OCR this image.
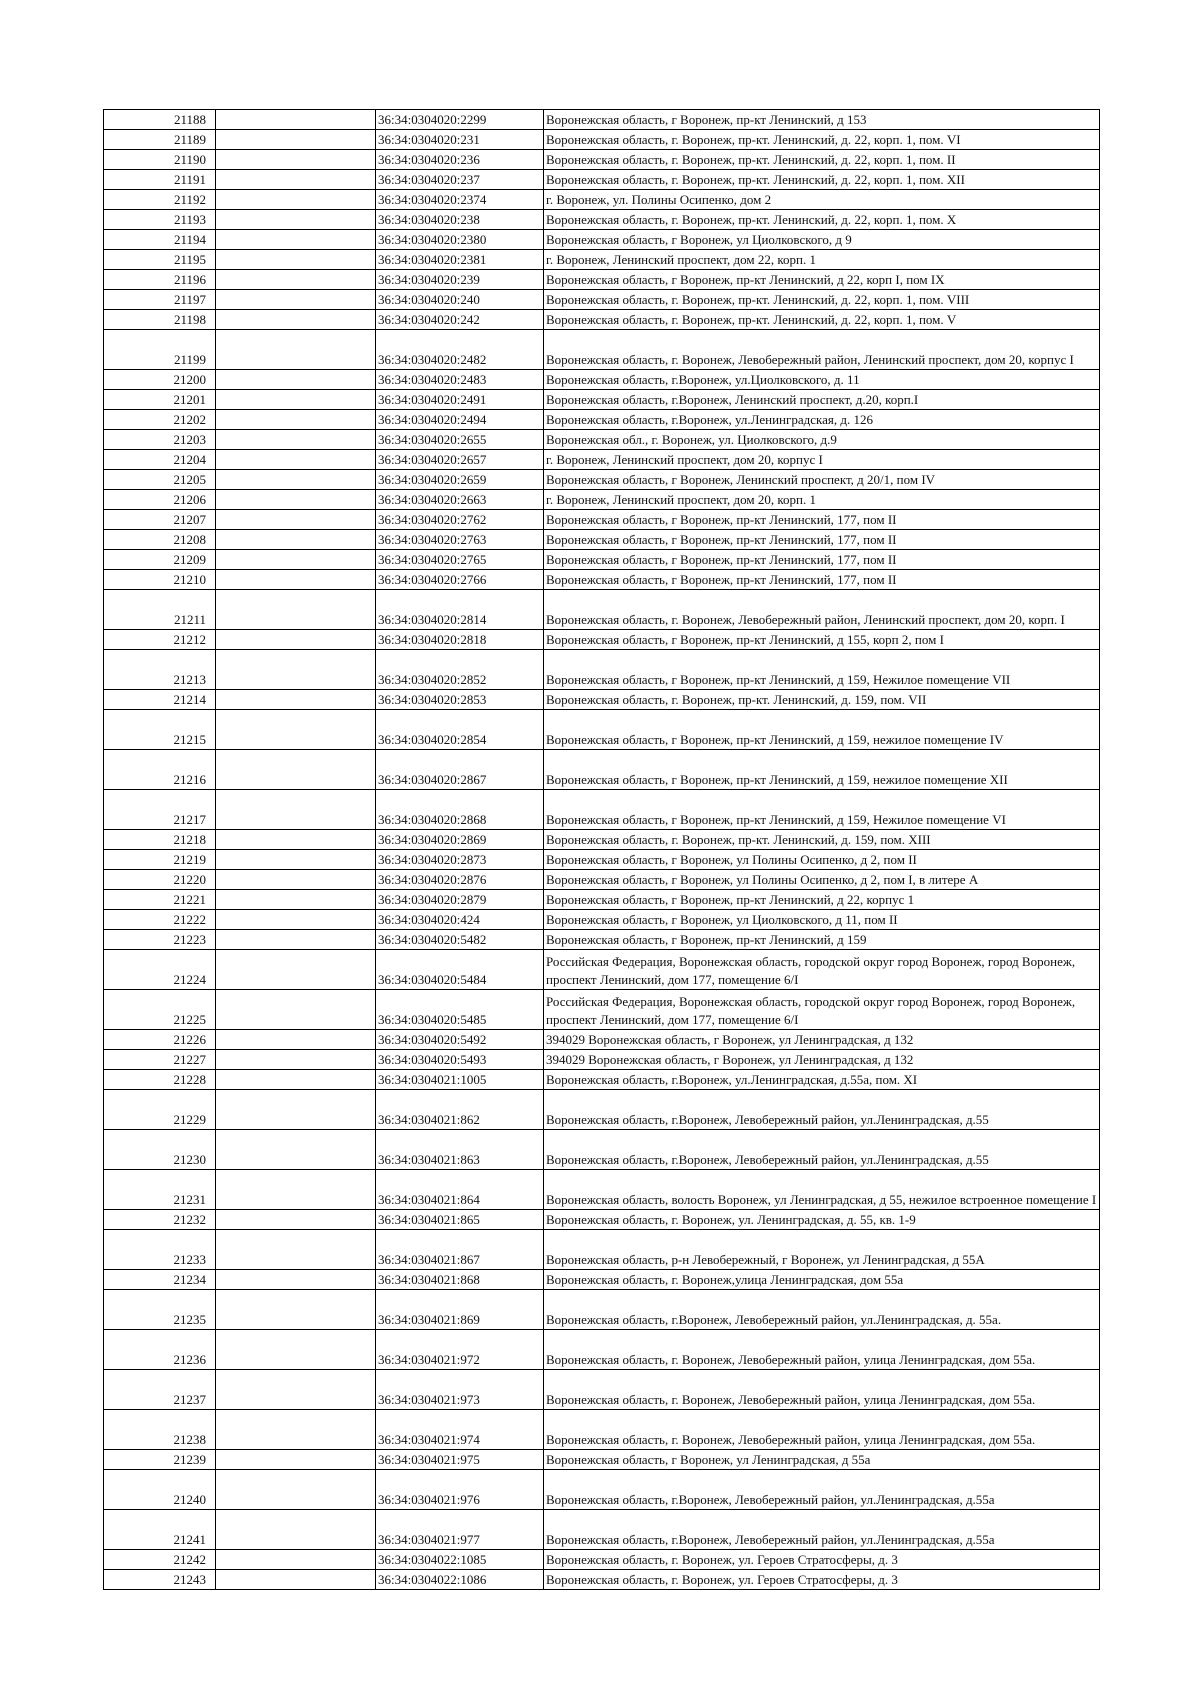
21188		36:34:0304020:2299	Воронежская область, г Воронеж, пр-кт Ленинский, д 153
21189		36:34:0304020:231	Воронежская область, г. Воронеж, пр-кт. Ленинский, д. 22, корп. 1, пом. VI
21190		36:34:0304020:236	Воронежская область, г. Воронеж, пр-кт. Ленинский, д. 22, корп. 1, пом. II
21191		36:34:0304020:237	Воронежская область, г. Воронеж, пр-кт. Ленинский, д. 22, корп. 1, пом. XII
21192		36:34:0304020:2374	г. Воронеж, ул. Полины Осипенко, дом 2
21193		36:34:0304020:238	Воронежская область, г. Воронеж, пр-кт. Ленинский, д. 22, корп. 1, пом. X
21194		36:34:0304020:2380	Воронежская область, г Воронеж, ул Циолковского, д 9
21195		36:34:0304020:2381	г. Воронеж, Ленинский проспект, дом 22, корп. 1
21196		36:34:0304020:239	Воронежская область, г Воронеж, пр-кт Ленинский, д 22, корп I, пом IX
21197		36:34:0304020:240	Воронежская область, г. Воронеж, пр-кт. Ленинский, д. 22, корп. 1, пом. VIII
21198		36:34:0304020:242	Воронежская область, г. Воронеж, пр-кт. Ленинский, д. 22, корп. 1, пом. V
21199		36:34:0304020:2482	Воронежская область, г. Воронеж, Левобережный район, Ленинский проспект, дом 20, корпус I
21200		36:34:0304020:2483	Воронежская область, г.Воронеж, ул.Циолковского, д. 11
21201		36:34:0304020:2491	Воронежская область, г.Воронеж, Ленинский проспект, д.20, корп.I
21202		36:34:0304020:2494	Воронежская область, г.Воронеж, ул.Ленинградская, д. 126
21203		36:34:0304020:2655	Воронежская обл., г. Воронеж, ул. Циолковского, д.9
21204		36:34:0304020:2657	г. Воронеж, Ленинский проспект, дом 20, корпус I
21205		36:34:0304020:2659	Воронежская область, г Воронеж, Ленинский проспект, д 20/1, пом IV
21206		36:34:0304020:2663	г. Воронеж, Ленинский проспект, дом 20, корп. 1
21207		36:34:0304020:2762	Воронежская область, г Воронеж, пр-кт Ленинский, 177, пом II
21208		36:34:0304020:2763	Воронежская область, г Воронеж, пр-кт Ленинский, 177, пом II
21209		36:34:0304020:2765	Воронежская область, г Воронеж, пр-кт Ленинский, 177, пом II
21210		36:34:0304020:2766	Воронежская область, г Воронеж, пр-кт Ленинский, 177, пом II
21211		36:34:0304020:2814	Воронежская область, г. Воронеж, Левобережный район, Ленинский проспект, дом 20, корп. I
21212		36:34:0304020:2818	Воронежская область, г Воронеж, пр-кт Ленинский, д 155, корп 2, пом I
21213		36:34:0304020:2852	Воронежская область, г Воронеж, пр-кт Ленинский, д 159, Нежилое помещение VII
21214		36:34:0304020:2853	Воронежская область, г. Воронеж, пр-кт. Ленинский, д. 159, пом. VII
21215		36:34:0304020:2854	Воронежская область, г Воронеж, пр-кт Ленинский, д 159, нежилое помещение IV
21216		36:34:0304020:2867	Воронежская область, г Воронеж, пр-кт Ленинский, д 159, нежилое помещение XII
21217		36:34:0304020:2868	Воронежская область, г Воронеж, пр-кт Ленинский, д 159, Нежилое помещение VI
21218		36:34:0304020:2869	Воронежская область, г. Воронеж, пр-кт. Ленинский, д. 159, пом. XIII
21219		36:34:0304020:2873	Воронежская область, г Воронеж, ул Полины Осипенко, д 2, пом II
21220		36:34:0304020:2876	Воронежская область, г Воронеж, ул Полины Осипенко, д 2, пом I, в литере А
21221		36:34:0304020:2879	Воронежская область, г Воронеж, пр-кт Ленинский, д 22, корпус 1
21222		36:34:0304020:424	Воронежская область, г Воронеж, ул Циолковского, д 11, пом II
21223		36:34:0304020:5482	Воронежская область, г Воронеж, пр-кт Ленинский, д 159
21224		36:34:0304020:5484	Российская Федерация, Воронежская область, городской округ город Воронеж, город Воронеж, проспект Ленинский, дом 177, помещение 6/I
21225		36:34:0304020:5485	Российская Федерация, Воронежская область, городской округ город Воронеж, город Воронеж, проспект Ленинский, дом 177, помещение 6/I
21226		36:34:0304020:5492	394029 Воронежская область, г Воронеж, ул Ленинградская, д 132
21227		36:34:0304020:5493	394029 Воронежская область, г Воронеж, ул Ленинградская, д 132
21228		36:34:0304021:1005	Воронежская область, г.Воронеж, ул.Ленинградская, д.55а, пом. XI
21229		36:34:0304021:862	Воронежская область, г.Воронеж, Левобережный район, ул.Ленинградская, д.55
21230		36:34:0304021:863	Воронежская область, г.Воронеж, Левобережный район, ул.Ленинградская, д.55
21231		36:34:0304021:864	Воронежская область, волость Воронеж, ул Ленинградская, д 55, нежилое встроенное помещение I
21232		36:34:0304021:865	Воронежская область, г. Воронеж, ул. Ленинградская, д. 55, кв. 1-9
21233		36:34:0304021:867	Воронежская область, р-н Левобережный, г Воронеж, ул Ленинградская, д 55А
21234		36:34:0304021:868	Воронежская область, г. Воронеж,улица Ленинградская, дом 55а
21235		36:34:0304021:869	Воронежская область, г.Воронеж, Левобережный район, ул.Ленинградская, д. 55а.
21236		36:34:0304021:972	Воронежская область, г. Воронеж, Левобережный район, улица Ленинградская, дом 55а.
21237		36:34:0304021:973	Воронежская область, г. Воронеж, Левобережный район, улица Ленинградская, дом 55а.
21238		36:34:0304021:974	Воронежская область, г. Воронеж, Левобережный район, улица Ленинградская, дом 55а.
21239		36:34:0304021:975	Воронежская область, г Воронеж, ул Ленинградская, д 55а
21240		36:34:0304021:976	Воронежская область, г.Воронеж, Левобережный район, ул.Ленинградская, д.55а
21241		36:34:0304021:977	Воронежская область, г.Воронеж, Левобережный район, ул.Ленинградская, д.55а
21242		36:34:0304022:1085	Воронежская область, г. Воронеж, ул. Героев Стратосферы, д. 3
21243		36:34:0304022:1086	Воронежская область, г. Воронеж, ул. Героев Стратосферы, д. 3
